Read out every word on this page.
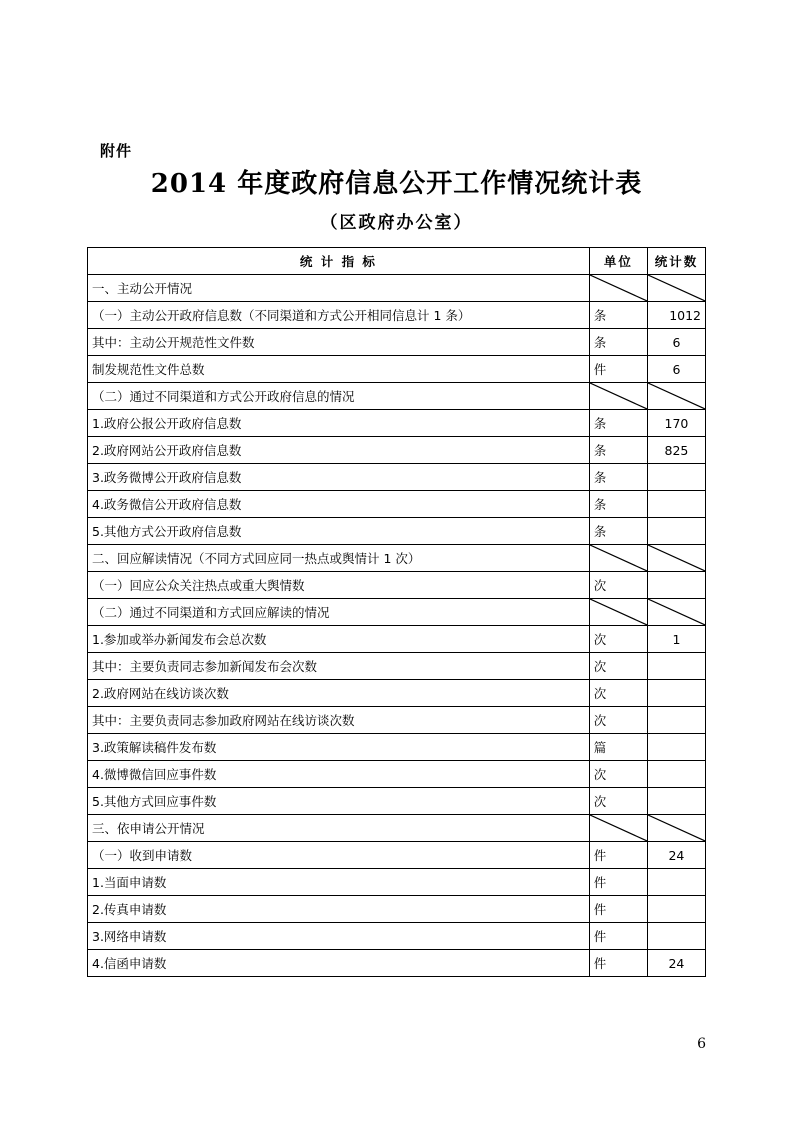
附件
2014 年度政府信息公开工作情况统计表
（区政府办公室）
统 计 指 标	单位	统计数
一、主动公开情况	

（一）主动公开政府信息数（不同渠道和方式公开相同信息计 1 条）	条	1012
其中：主动公开规范性文件数	条	6
制发规范性文件总数	件	6
（二）通过不同渠道和方式公开政府信息的情况	

1.政府公报公开政府信息数	条	170
2.政府网站公开政府信息数	条	825
3.政务微博公开政府信息数	条	
4.政务微信公开政府信息数	条	
5.其他方式公开政府信息数	条	
二、回应解读情况（不同方式回应同一热点或舆情计 1 次）	

（一）回应公众关注热点或重大舆情数	次	
（二）通过不同渠道和方式回应解读的情况	

1.参加或举办新闻发布会总次数	次	1
其中：主要负责同志参加新闻发布会次数	次	
2.政府网站在线访谈次数	次	
其中：主要负责同志参加政府网站在线访谈次数	次	
3.政策解读稿件发布数	篇	
4.微博微信回应事件数	次	
5.其他方式回应事件数	次	
三、依申请公开情况	

（一）收到申请数	件	24
1.当面申请数	件	
2.传真申请数	件	
3.网络申请数	件	
4.信函申请数	件	24
6
